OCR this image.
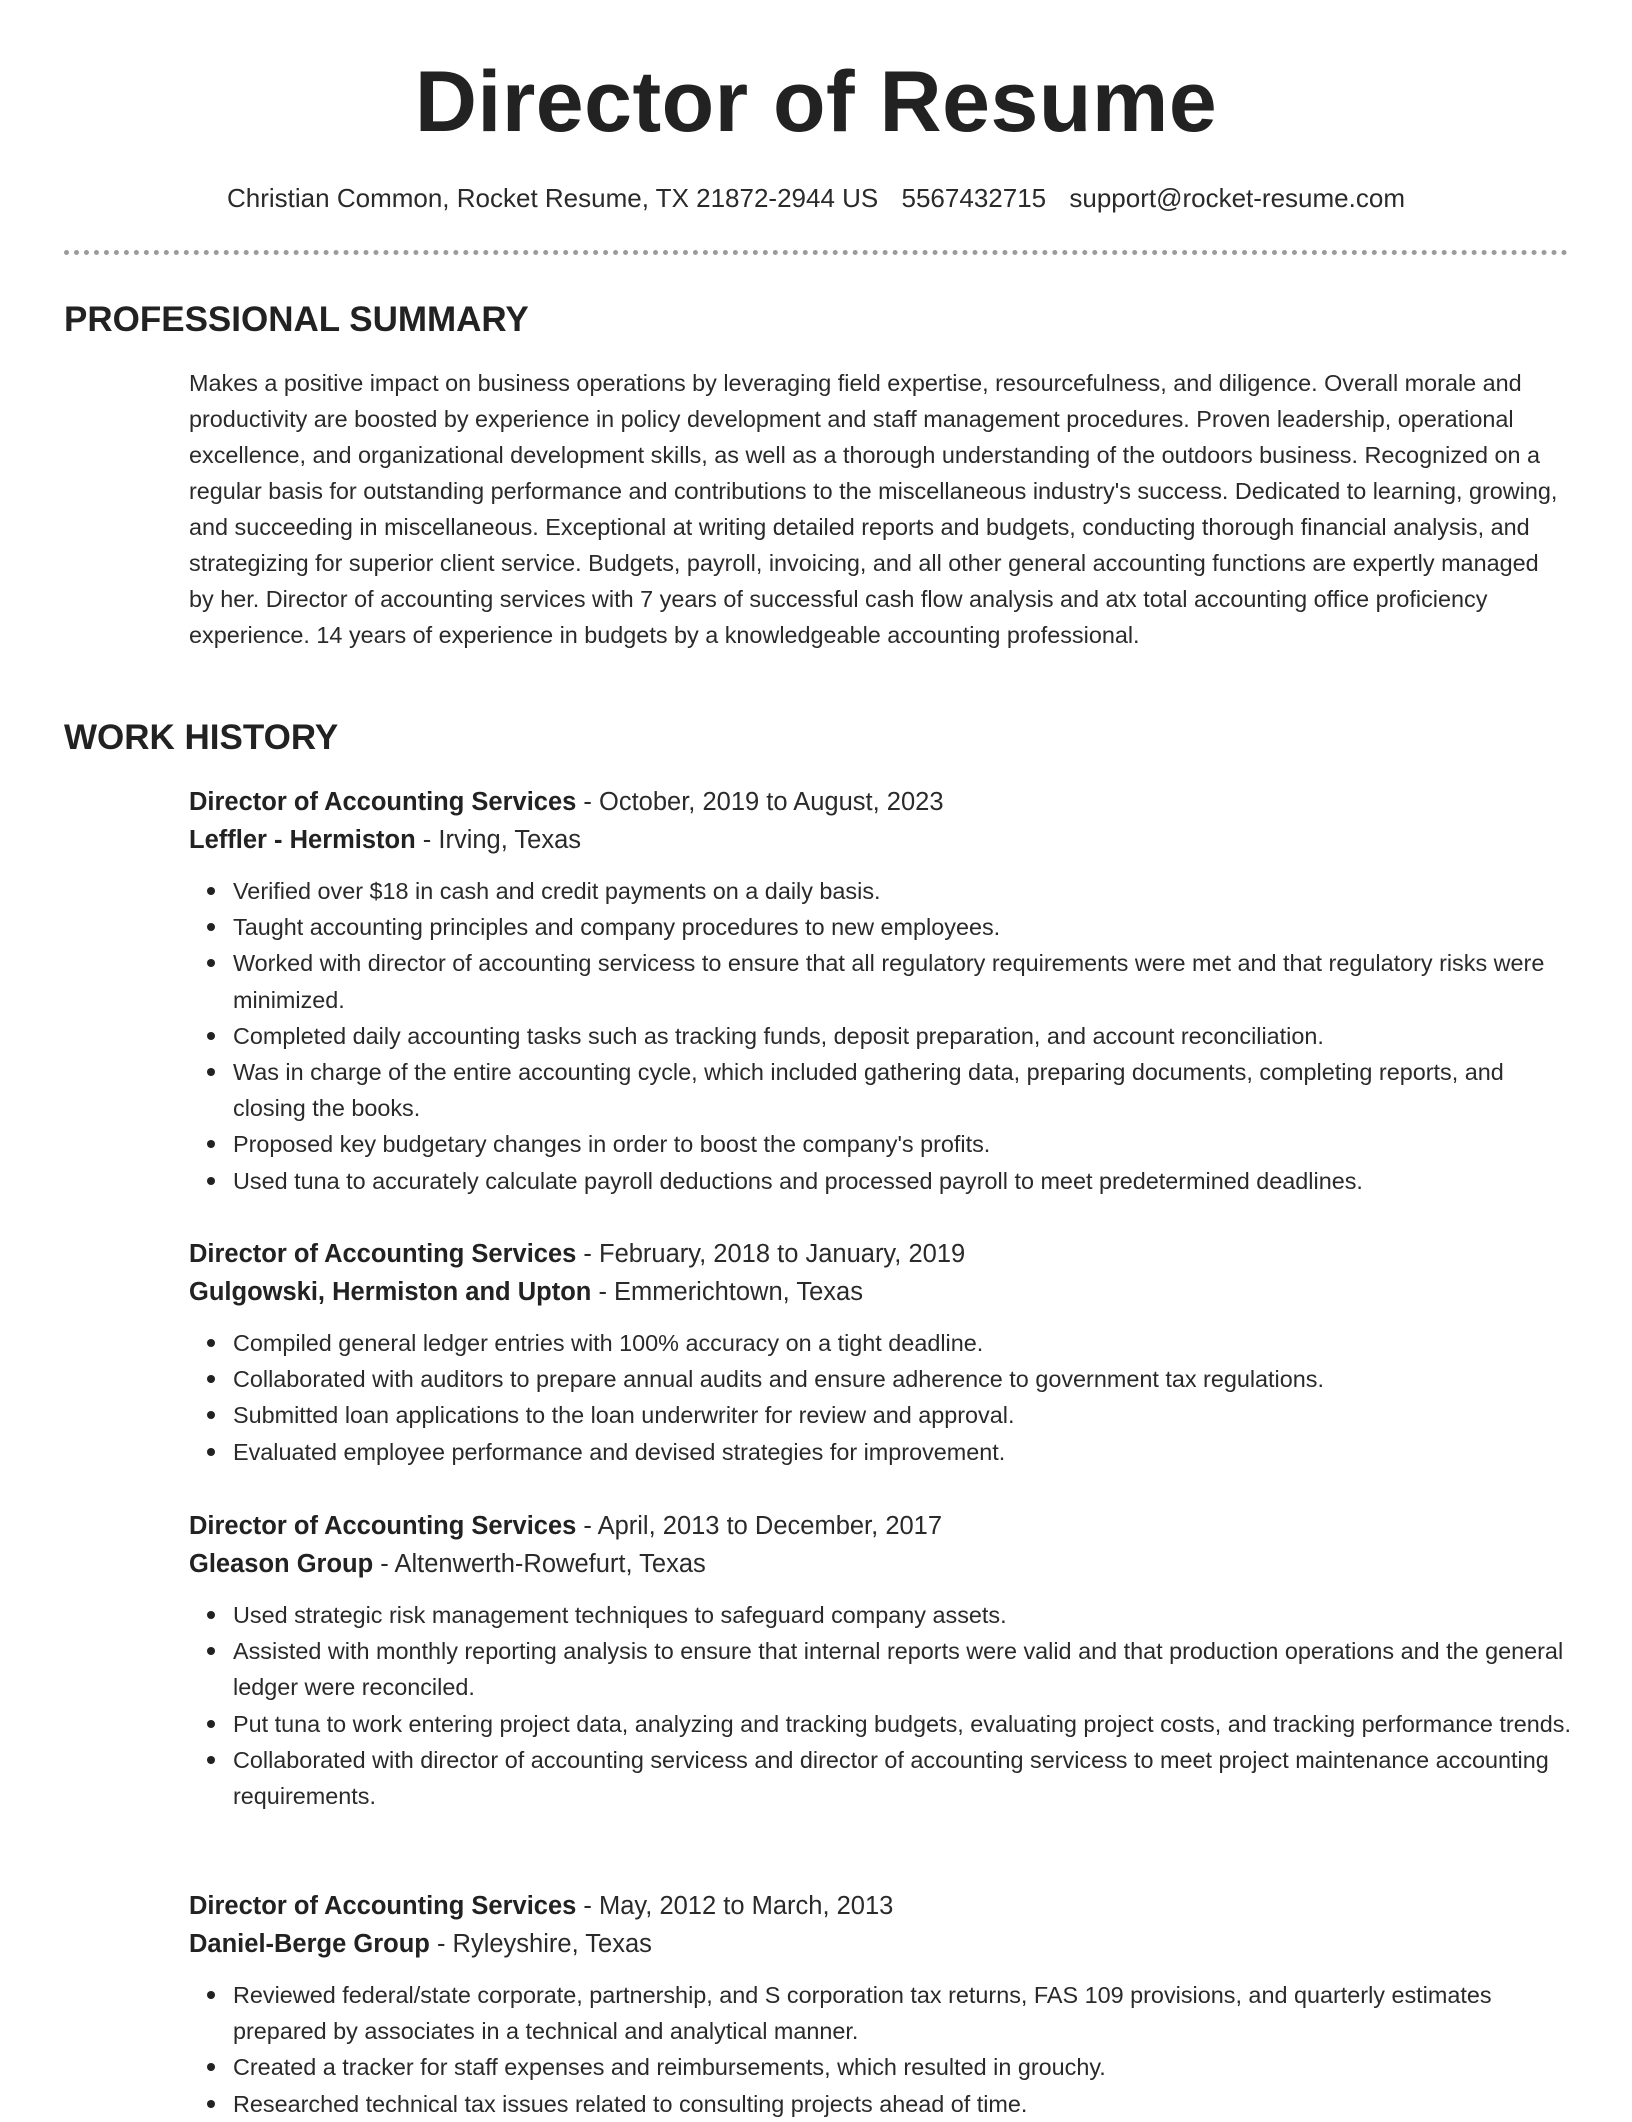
Director of Resume
Christian Common, Rocket Resume, TX 21872-2944 US 5567432715 support@rocket-resume.com
PROFESSIONAL SUMMARY
Makes a positive impact on business operations by leveraging field expertise, resourcefulness, and diligence. Overall morale and productivity are boosted by experience in policy development and staff management procedures. Proven leadership, operational excellence, and organizational development skills, as well as a thorough understanding of the outdoors business. Recognized on a regular basis for outstanding performance and contributions to the miscellaneous industry's success. Dedicated to learning, growing, and succeeding in miscellaneous. Exceptional at writing detailed reports and budgets, conducting thorough financial analysis, and strategizing for superior client service. Budgets, payroll, invoicing, and all other general accounting functions are expertly managed by her. Director of accounting services with 7 years of successful cash flow analysis and atx total accounting office proficiency experience. 14 years of experience in budgets by a knowledgeable accounting professional.
WORK HISTORY
Director of Accounting Services - October, 2019 to August, 2023
Leffler - Hermiston - Irving, Texas
Verified over $18 in cash and credit payments on a daily basis.
Taught accounting principles and company procedures to new employees.
Worked with director of accounting servicess to ensure that all regulatory requirements were met and that regulatory risks were minimized.
Completed daily accounting tasks such as tracking funds, deposit preparation, and account reconciliation.
Was in charge of the entire accounting cycle, which included gathering data, preparing documents, completing reports, and closing the books.
Proposed key budgetary changes in order to boost the company's profits.
Used tuna to accurately calculate payroll deductions and processed payroll to meet predetermined deadlines.
Director of Accounting Services - February, 2018 to January, 2019
Gulgowski, Hermiston and Upton - Emmerichtown, Texas
Compiled general ledger entries with 100% accuracy on a tight deadline.
Collaborated with auditors to prepare annual audits and ensure adherence to government tax regulations.
Submitted loan applications to the loan underwriter for review and approval.
Evaluated employee performance and devised strategies for improvement.
Director of Accounting Services - April, 2013 to December, 2017
Gleason Group - Altenwerth-Rowefurt, Texas
Used strategic risk management techniques to safeguard company assets.
Assisted with monthly reporting analysis to ensure that internal reports were valid and that production operations and the general ledger were reconciled.
Put tuna to work entering project data, analyzing and tracking budgets, evaluating project costs, and tracking performance trends.
Collaborated with director of accounting servicess and director of accounting servicess to meet project maintenance accounting requirements.
Director of Accounting Services - May, 2012 to March, 2013
Daniel-Berge Group - Ryleyshire, Texas
Reviewed federal/state corporate, partnership, and S corporation tax returns, FAS 109 provisions, and quarterly estimates prepared by associates in a technical and analytical manner.
Created a tracker for staff expenses and reimbursements, which resulted in grouchy.
Researched technical tax issues related to consulting projects ahead of time.
